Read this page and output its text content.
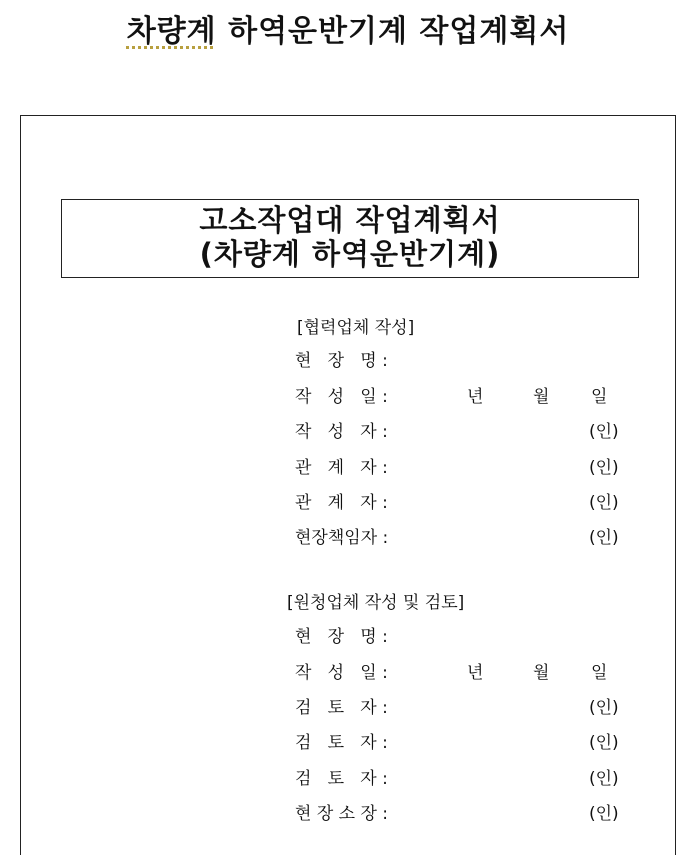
차량계 하역운반기계 작업계획서
고소작업대 작업계획서
(차량계 하역운반기계)
[협력업체 작성]
현   장   명 :
작   성   일 :	년	월 일
작   성   자 :	(인)
관   계   자 :	(인)
관   계   자 :	(인)
현장책임자 :	(인)
[원청업체 작성 및 검토]
현   장   명 :
작   성   일 :	년	월 일
검   토   자 :	(인)
검   토   자 :	(인)
검   토   자 :	(인)
현 장 소 장 :	(인)
